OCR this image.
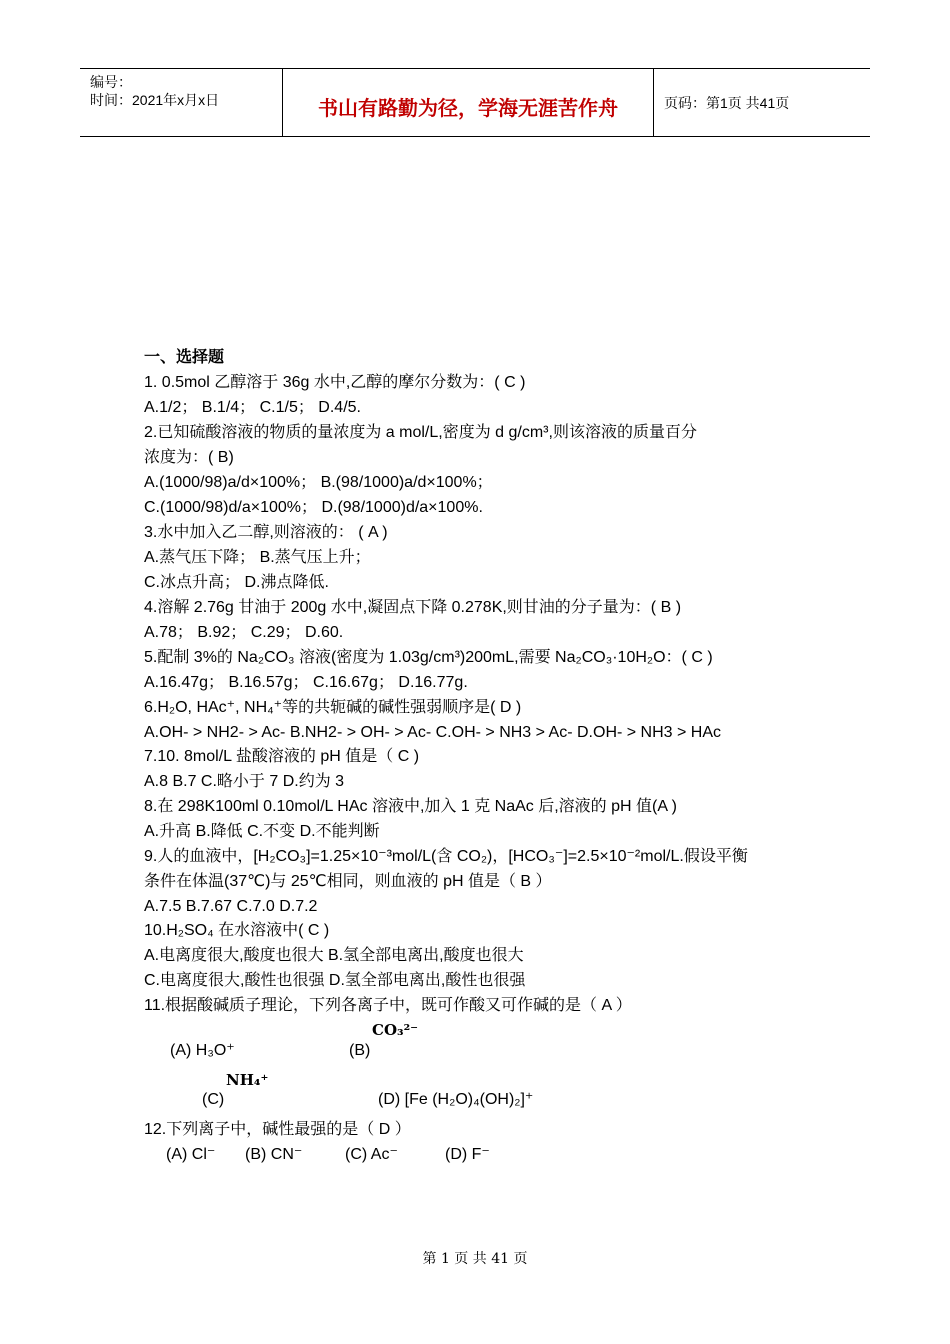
编号：
时间：2021年x月x日	书山有路勤为径，学海无涯苦作舟	页码：第1页 共41页
一、选择题
1. 0.5mol 乙醇溶于 36g 水中,乙醇的摩尔分数为：( C )
A.1/2； B.1/4； C.1/5； D.4/5.
2.已知硫酸溶液的物质的量浓度为 a mol/L,密度为 d g/cm³,则该溶液的质量百分
浓度为：( B)
A.(1000/98)a/d×100%； B.(98/1000)a/d×100%；
C.(1000/98)d/a×100%； D.(98/1000)d/a×100%.
3.水中加入乙二醇,则溶液的： ( A )
A.蒸气压下降； B.蒸气压上升；
C.冰点升高； D.沸点降低.
4.溶解 2.76g 甘油于 200g 水中,凝固点下降 0.278K,则甘油的分子量为：( B )
A.78； B.92； C.29； D.60.
5.配制 3%的 Na₂CO₃ 溶液(密度为 1.03g/cm³)200mL,需要 Na₂CO₃·10H₂O：( C )
A.16.47g； B.16.57g； C.16.67g； D.16.77g.
6.H₂O, HAc⁺, NH₄⁺等的共轭碱的碱性强弱顺序是( D )
A.OH- > NH2- > Ac- B.NH2- > OH- > Ac- C.OH- > NH3 > Ac- D.OH- > NH3 > HAc
7.10. 8mol/L 盐酸溶液的 pH 值是（ C )
A.8 B.7 C.略小于 7 D.约为 3
8.在 298K100ml 0.10mol/L HAc 溶液中,加入 1 克 NaAc 后,溶液的 pH 值(A )
A.升高 B.降低 C.不变 D.不能判断
9.人的血液中，[H₂CO₃]=1.25×10⁻³mol/L(含 CO₂)，[HCO₃⁻]=2.5×10⁻²mol/L.假设平衡
条件在体温(37℃)与 25℃相同，则血液的 pH 值是（ B ）
A.7.5 B.7.67 C.7.0 D.7.2
10.H₂SO₄ 在水溶液中( C )
A.电离度很大,酸度也很大 B.氢全部电离出,酸度也很大
C.电离度很大,酸性也很强 D.氢全部电离出,酸性也很强
11.根据酸碱质子理论，下列各离子中，既可作酸又可作碱的是（ A ）
(A) H₃O⁺	(B)
CO₃²⁻
(C)
NH₄⁺
(D) [Fe (H₂O)₄(OH)₂]⁺
12.下列离子中，碱性最强的是（ D ）
(A) Cl⁻ (B) CN⁻	(C) Ac⁻	(D) F⁻
第 1 页 共 41 页
